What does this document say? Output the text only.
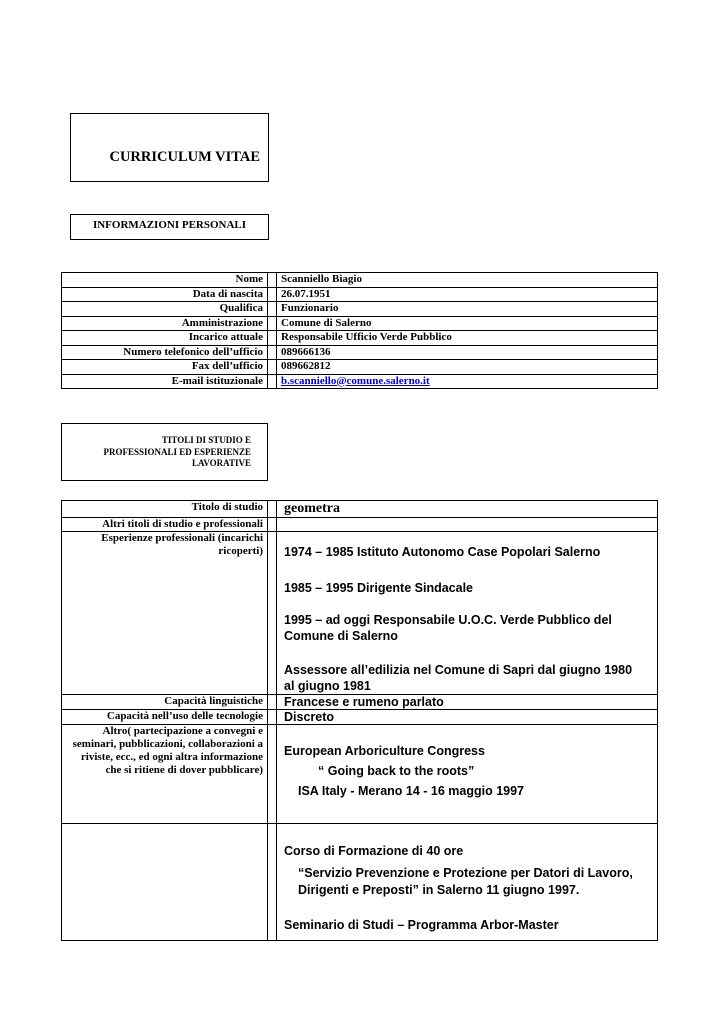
CURRICULUM VITAE
INFORMAZIONI PERSONALI
Nome		Scanniello Biagio
Data di nascita		26.07.1951
Qualifica		Funzionario
Amministrazione		Comune di Salerno
Incarico attuale		Responsabile Ufficio Verde Pubblico
Numero telefonico dell’ufficio		089666136
Fax dell’ufficio		089662812
E-mail istituzionale		b.scanniello@comune.salerno.it
TITOLI DI STUDIO E
PROFESSIONALI ED ESPERIENZE
LAVORATIVE
Titolo di studio		geometra
Altri titoli di studio e professionali		
Esperienze professionali (incarichi ricoperti)		1974 – 1985 Istituto Autonomo Case Popolari Salerno
1985 – 1995 Dirigente Sindacale
1995 – ad oggi Responsabile U.O.C. Verde Pubblico del Comune di Salerno
Assessore all’edilizia nel Comune di Sapri dal giugno 1980 al giugno 1981

Capacità linguistiche		Francese e rumeno parlato
Capacità nell’uso delle tecnologie		Discreto
Altro( partecipazione a convegni e seminari, pubblicazioni, collaborazioni a riviste, ecc., ed ogni altra informazione che si ritiene di dover pubblicare)		European Arboriculture Congress
“ Going back to the roots”
ISA Italy - Merano 14 - 16 maggio 1997

		Corso di Formazione di 40 ore
“Servizio Prevenzione e Protezione per Datori di Lavoro, Dirigenti e Preposti” in Salerno 11 giugno 1997.
Seminario di Studi – Programma Arbor-Master
